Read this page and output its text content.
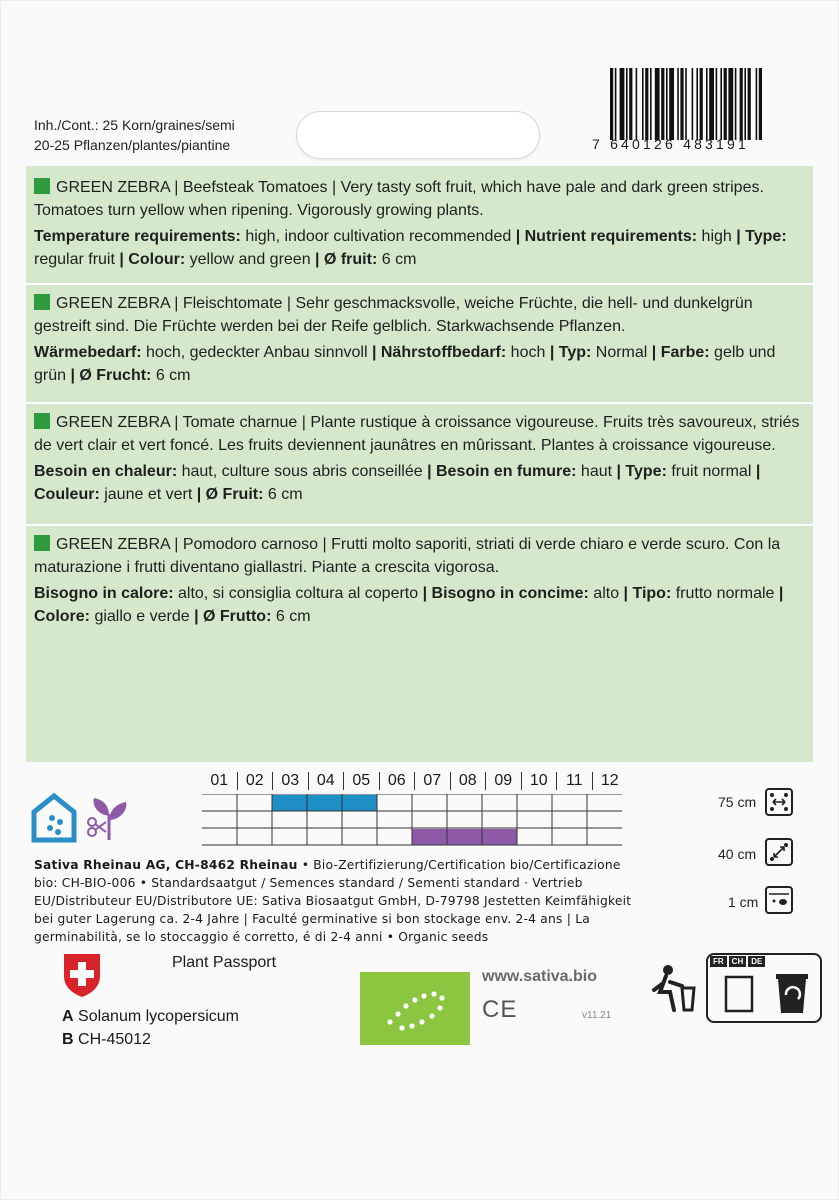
Inh./Cont.: 25 Korn/graines/semi
20-25 Pflanzen/plantes/piantine	7 640126 483191

GREEN ZEBRA | Beefsteak Tomatoes | Very tasty soft fruit, which have pale and dark green stripes. Tomatoes turn yellow when ripening. Vigorously growing plants.

Temperature requirements: high, indoor cultivation recommended | Nutrient requirements: high | Type: regular fruit | Colour: yellow and green | Ø fruit: 6 cm

GREEN ZEBRA | Fleischtomate | Sehr geschmacksvolle, weiche Früchte, die hell- und dunkelgrün gestreift sind. Die Früchte werden bei der Reife gelblich. Starkwachsende Pflanzen.

Wärmebedarf: hoch, gedeckter Anbau sinnvoll | Nährstoffbedarf: hoch | Typ: Normal | Farbe: gelb und grün | Ø Frucht: 6 cm

GREEN ZEBRA | Tomate charnue | Plante rustique à croissance vigoureuse. Fruits très savoureux, striés de vert clair et vert foncé. Les fruits deviennent jaunâtres en mûrissant. Plantes à croissance vigoureuse.

Besoin en chaleur: haut, culture sous abris conseillée | Besoin en fumure: haut | Type: fruit normal | Couleur: jaune et vert | Ø Fruit: 6 cm

GREEN ZEBRA | Pomodoro carnoso | Frutti molto saporiti, striati di verde chiaro e verde scuro. Con la maturazione i frutti diventano giallastri. Piante a crescita vigorosa.

Bisogno in calore: alto, si consiglia coltura al coperto | Bisogno in concime: alto | Tipo: frutto normale | Colore: giallo e verde | Ø Frutto: 6 cm

01 02 03 04 05 06 07 08 09 10 11 12
75 cm
40 cm
1 cm
Sativa Rheinau AG, CH-8462 Rheinau • Bio-Zertifizierung/Certification bio/Certificazione bio: CH-BIO-006 • Standardsaatgut / Semences standard / Sementi standard · Vertrieb EU/Distributeur EU/Distributore UE: Sativa Biosaatgut GmbH, D-79798 Jestetten Keimfähigkeit bei guter Lagerung ca. 2-4 Jahre | Faculté germinative si bon stockage env. 2-4 ans | La germinabilità, se lo stoccaggio é corretto, é di 2-4 anni • Organic seeds
Plant Passport
A Solanum lycopersicum
B CH-45012
www.sativa.bio
CE	v11.21
FR	CH	DE
